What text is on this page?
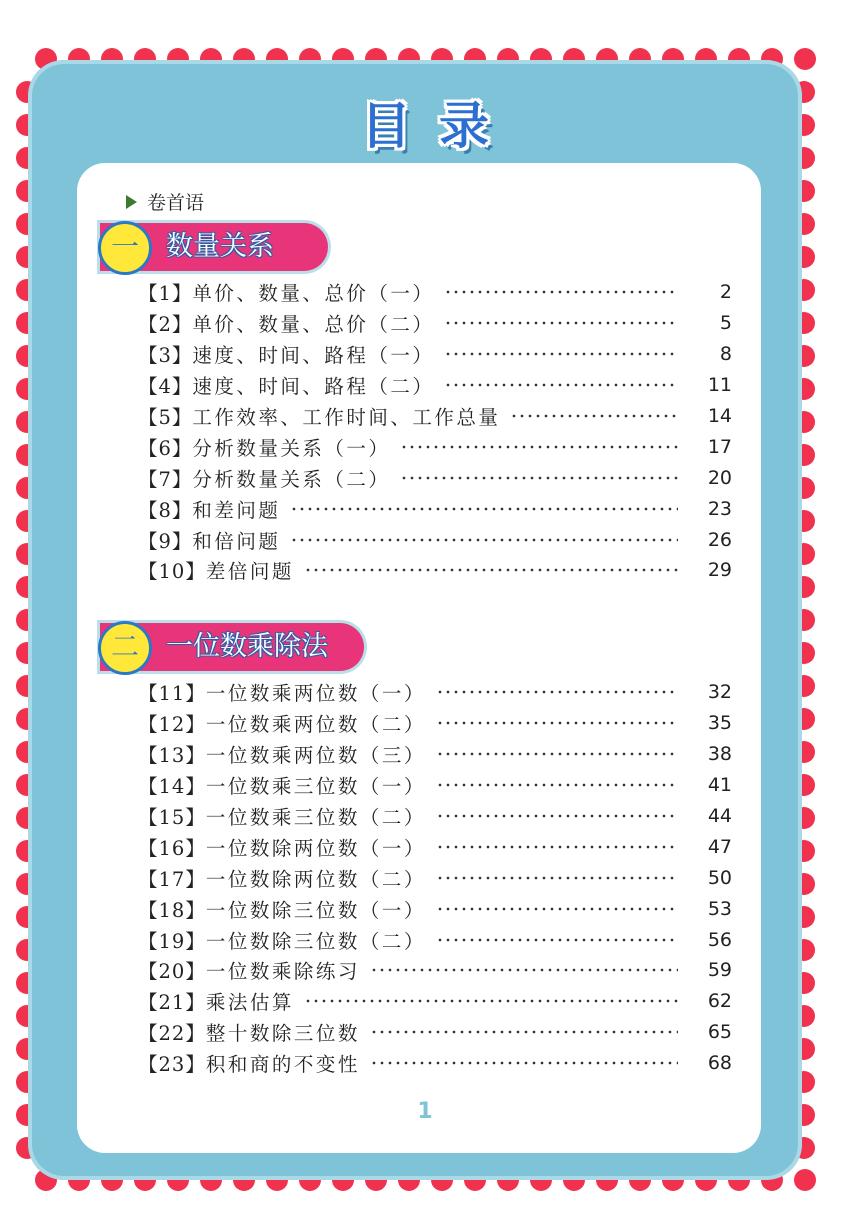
目录
卷首语
一	数量关系
【1】单价、数量、总价（一）	2
【2】单价、数量、总价（二）	5
【3】速度、时间、路程（一）	8
【4】速度、时间、路程（二）	11
【5】工作效率、工作时间、工作总量	14
【6】分析数量关系（一）	17
【7】分析数量关系（二）	20
【8】和差问题	23
【9】和倍问题	26
【10】差倍问题	29
二	一位数乘除法
【11】一位数乘两位数（一）	32
【12】一位数乘两位数（二）	35
【13】一位数乘两位数（三）	38
【14】一位数乘三位数（一）	41
【15】一位数乘三位数（二）	44
【16】一位数除两位数（一）	47
【17】一位数除两位数（二）	50
【18】一位数除三位数（一）	53
【19】一位数除三位数（二）	56
【20】一位数乘除练习	59
【21】乘法估算	62
【22】整十数除三位数	65
【23】积和商的不变性	68
1
